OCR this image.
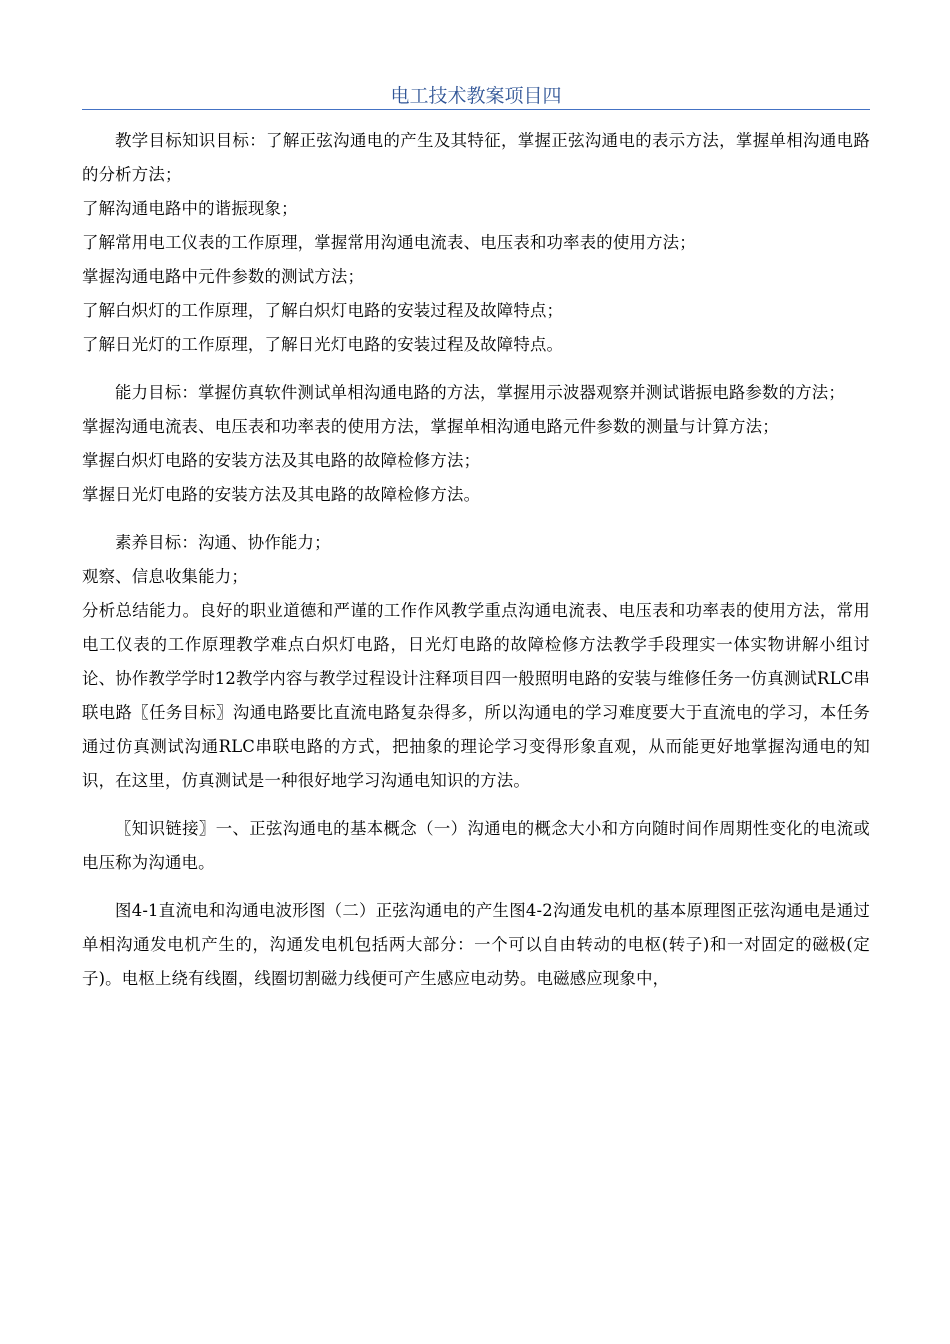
电工技术教案项目四

教学目标知识目标：了解正弦沟通电的产生及其特征，掌握正弦沟通电的表示方法，掌握单相沟通电路的分析方法；

了解沟通电路中的谐振现象；

了解常用电工仪表的工作原理，掌握常用沟通电流表、电压表和功率表的使用方法；

掌握沟通电路中元件参数的测试方法；

了解白炽灯的工作原理，了解白炽灯电路的安装过程及故障特点；

了解日光灯的工作原理，了解日光灯电路的安装过程及故障特点。

能力目标：掌握仿真软件测试单相沟通电路的方法，掌握用示波器观察并测试谐振电路参数的方法；

掌握沟通电流表、电压表和功率表的使用方法，掌握单相沟通电路元件参数的测量与计算方法；

掌握白炽灯电路的安装方法及其电路的故障检修方法；

掌握日光灯电路的安装方法及其电路的故障检修方法。

素养目标：沟通、协作能力；

观察、信息收集能力；

分析总结能力。良好的职业道德和严谨的工作作风教学重点沟通电流表、电压表和功率表的使用方法，常用电工仪表的工作原理教学难点白炽灯电路，日光灯电路的故障检修方法教学手段理实一体实物讲解小组讨论、协作教学学时12教学内容与教学过程设计注释项目四一般照明电路的安装与维修任务一仿真测试RLC串联电路〖任务目标〗沟通电路要比直流电路复杂得多，所以沟通电的学习难度要大于直流电的学习，本任务通过仿真测试沟通RLC串联电路的方式，把抽象的理论学习变得形象直观，从而能更好地掌握沟通电的知识，在这里，仿真测试是一种很好地学习沟通电知识的方法。

〖知识链接〗一、正弦沟通电的基本概念（一）沟通电的概念大小和方向随时间作周期性变化的电流或电压称为沟通电。

图4-1直流电和沟通电波形图（二）正弦沟通电的产生图4-2沟通发电机的基本原理图正弦沟通电是通过单相沟通发电机产生的，沟通发电机包括两大部分：一个可以自由转动的电枢(转子)和一对固定的磁极(定子)。电枢上绕有线圈，线圈切割磁力线便可产生感应电动势。电磁感应现象中，
